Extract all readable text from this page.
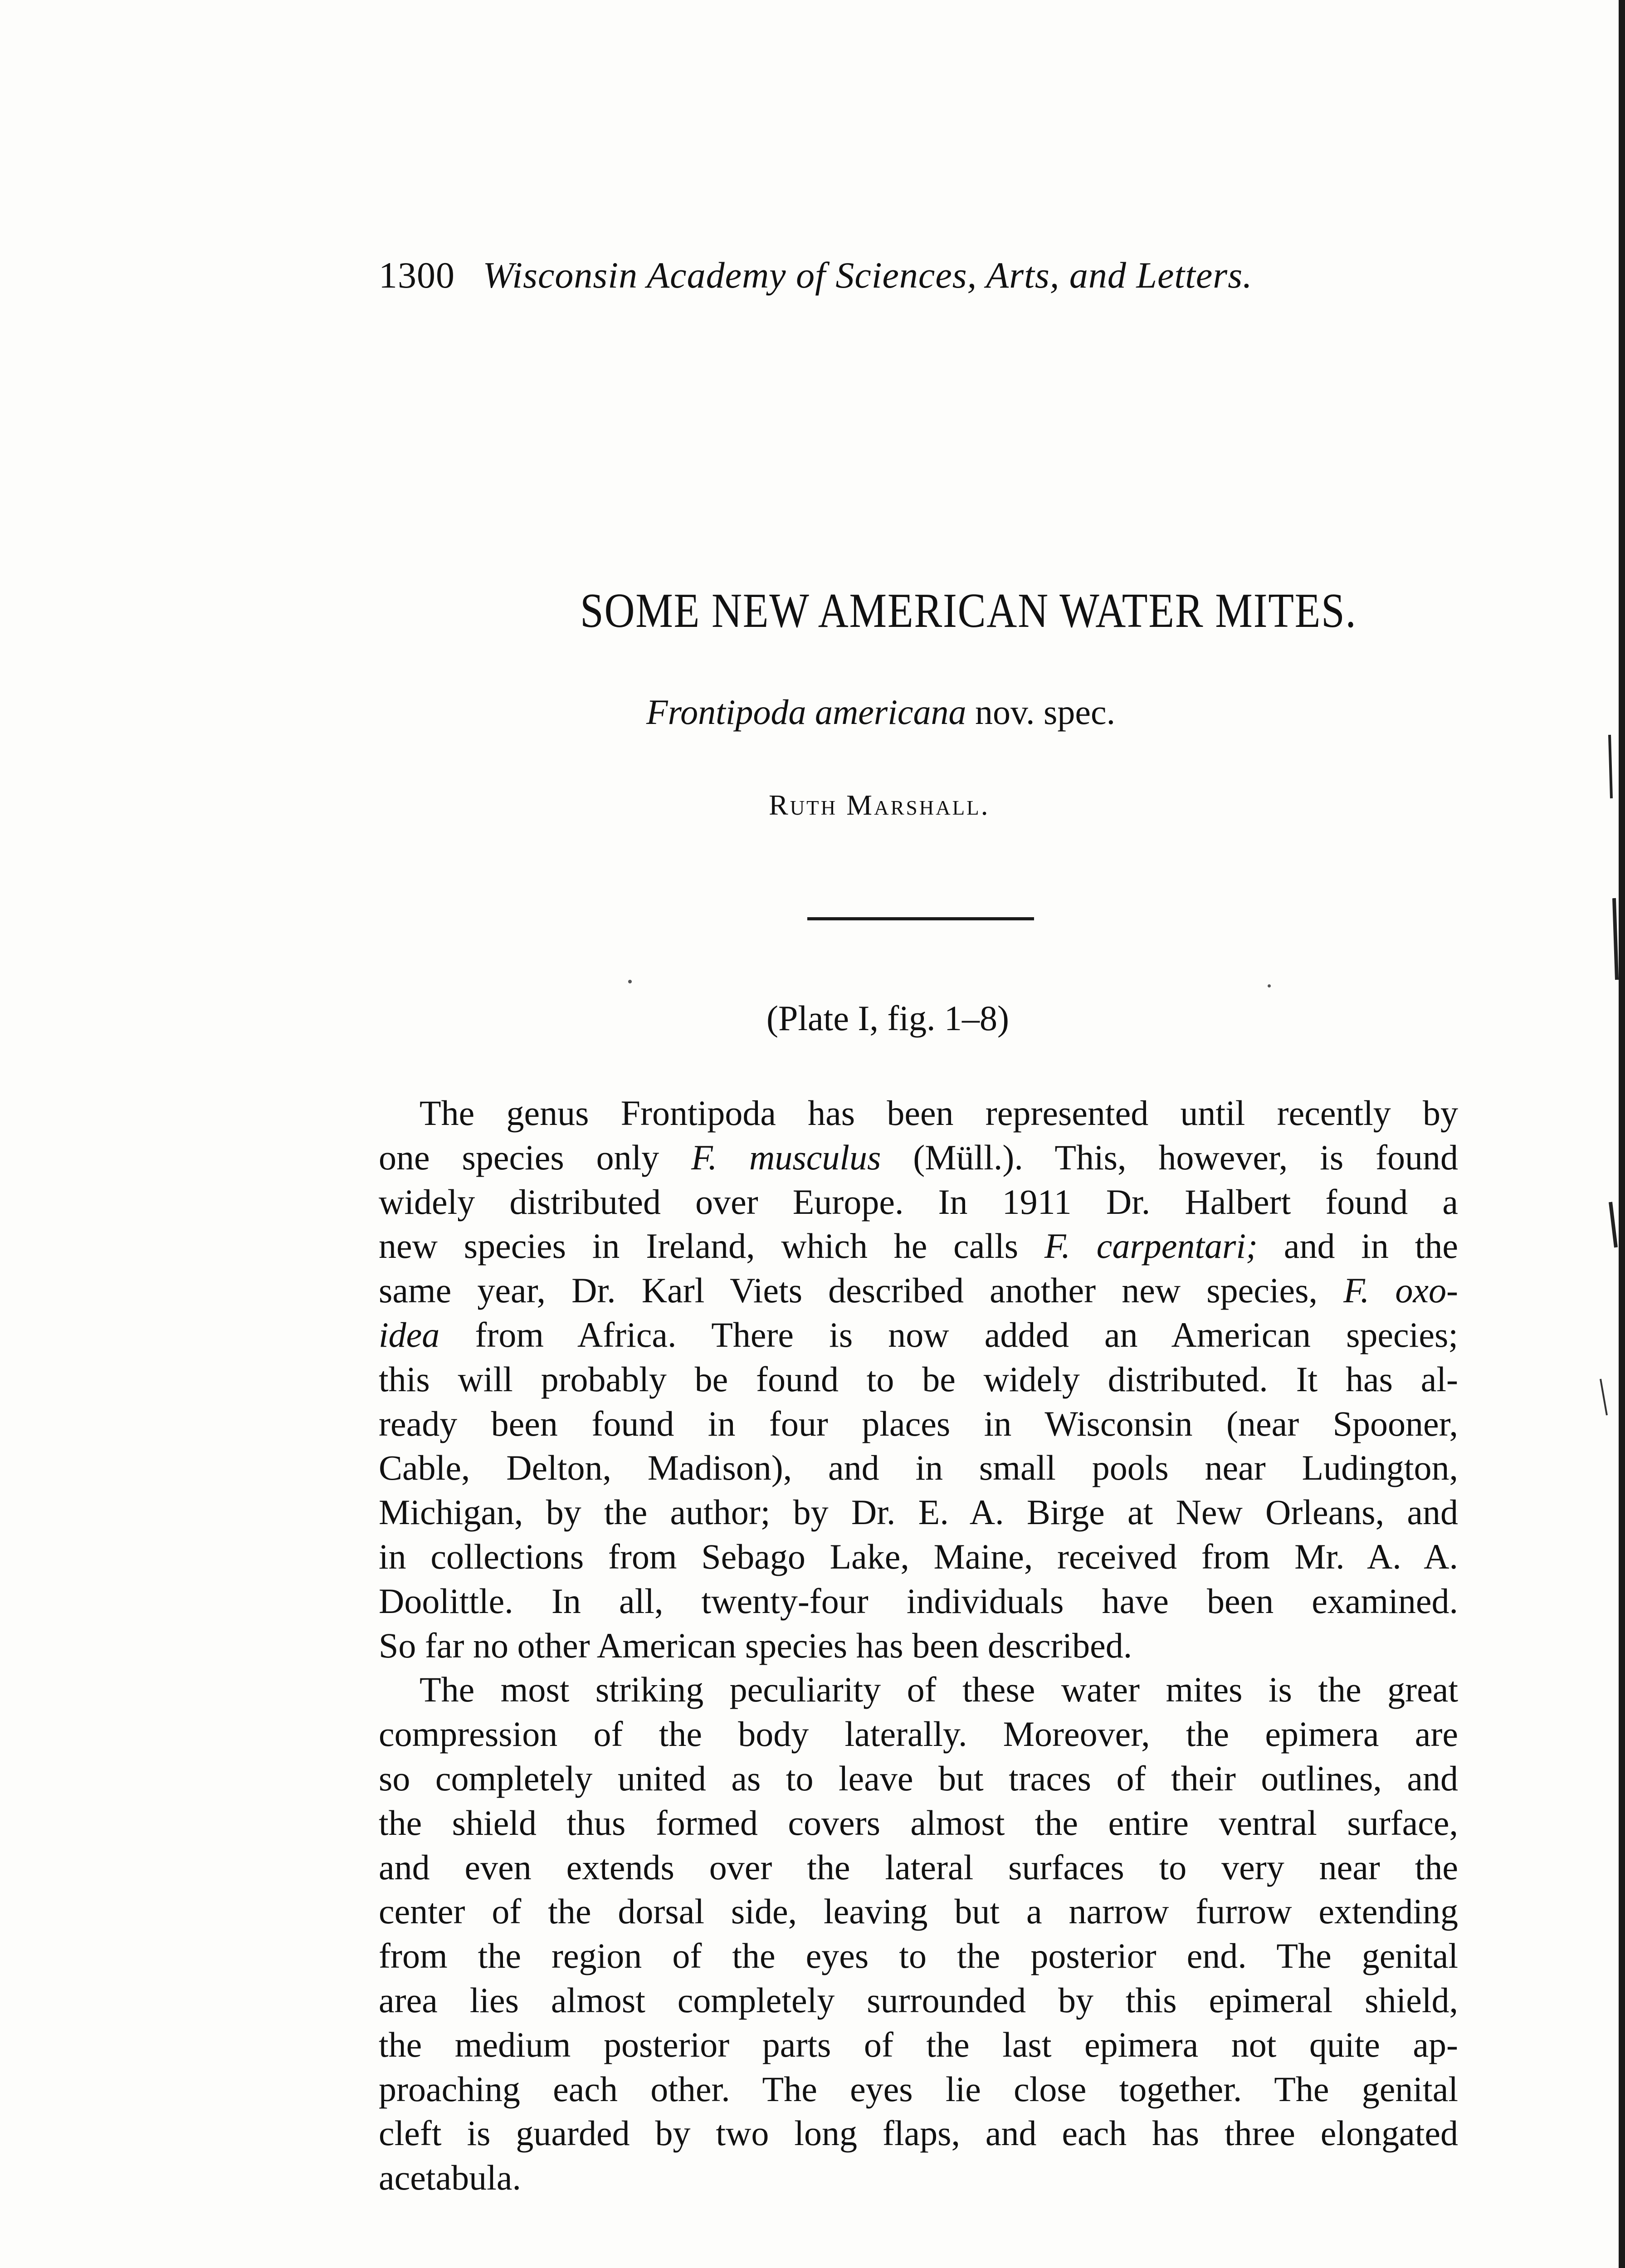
1300 Wisconsin Academy of Sciences, Arts, and Letters.
SOME NEW AMERICAN WATER MITES.
Frontipoda americana nov. spec.
Ruth Marshall.
(Plate I, fig. 1–8)
The genus Frontipoda has been represented until recently by
one species only F. musculus (Müll.). This, however, is found
widely distributed over Europe. In 1911 Dr. Halbert found a
new species in Ireland, which he calls F. carpentari; and in the
same year, Dr. Karl Viets described another new species, F. oxo-
idea from Africa. There is now added an American species;
this will probably be found to be widely distributed. It has al-
ready been found in four places in Wisconsin (near Spooner,
Cable, Delton, Madison), and in small pools near Ludington,
Michigan, by the author; by Dr. E. A. Birge at New Orleans, and
in collections from Sebago Lake, Maine, received from Mr. A. A.
Doolittle. In all, twenty-four individuals have been examined.
So far no other American species has been described.
The most striking peculiarity of these water mites is the great
compression of the body laterally. Moreover, the epimera are
so completely united as to leave but traces of their outlines, and
the shield thus formed covers almost the entire ventral surface,
and even extends over the lateral surfaces to very near the
center of the dorsal side, leaving but a narrow furrow extending
from the region of the eyes to the posterior end. The genital
area lies almost completely surrounded by this epimeral shield,
the medium posterior parts of the last epimera not quite ap-
proaching each other. The eyes lie close together. The genital
cleft is guarded by two long flaps, and each has three elongated
acetabula.
